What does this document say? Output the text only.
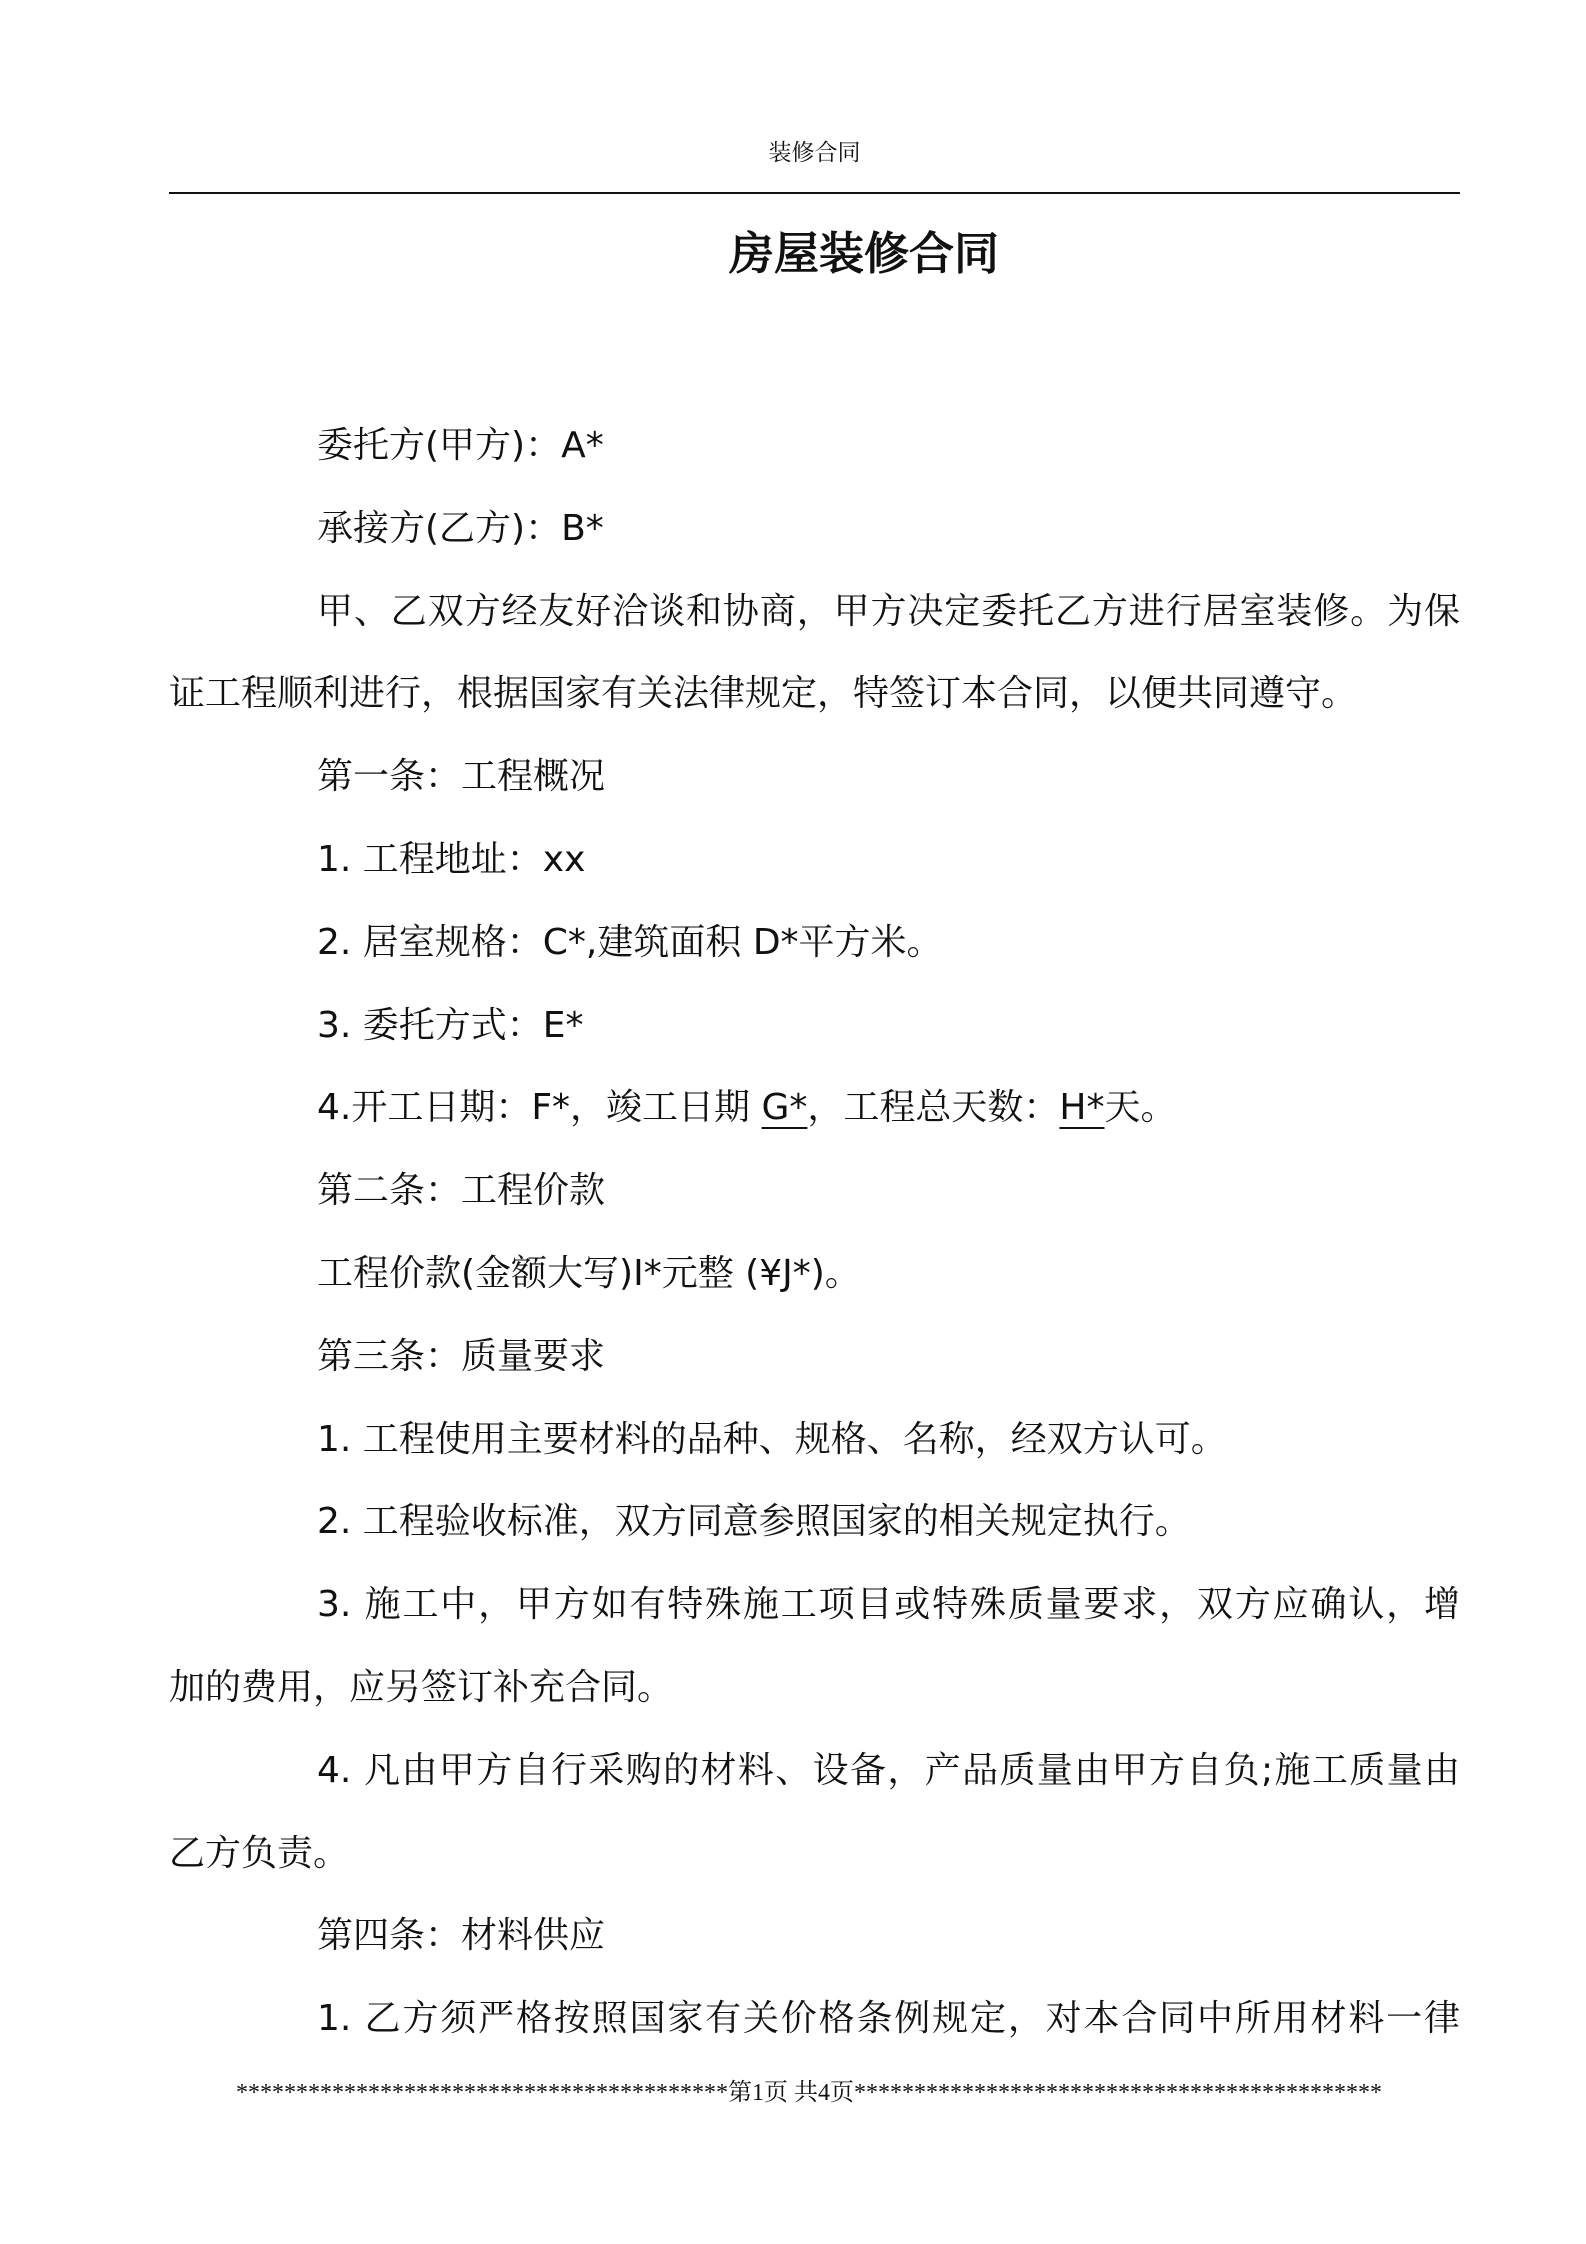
装修合同
房屋装修合同
委托方(甲方)：A*
承接方(乙方)：B*
甲、乙双方经友好洽谈和协商，甲方决定委托乙方进行居室装修。为保
证工程顺利进行，根据国家有关法律规定，特签订本合同，以便共同遵守。
第一条：工程概况
1. 工程地址：xx
2. 居室规格：C*,建筑面积 D*平方米。
3. 委托方式：E*
4.开工日期：F*，竣工日期 G*，工程总天数：H*天。
第二条：工程价款
工程价款(金额大写)I*元整 (¥J*)。
第三条：质量要求
1. 工程使用主要材料的品种、规格、名称，经双方认可。
2. 工程验收标准，双方同意参照国家的相关规定执行。
3. 施工中，甲方如有特殊施工项目或特殊质量要求，双方应确认，增
加的费用，应另签订补充合同。
4. 凡由甲方自行采购的材料、设备，产品质量由甲方自负;施工质量由
乙方负责。
第四条：材料供应
1. 乙方须严格按照国家有关价格条例规定，对本合同中所用材料一律
*****************************************第1页 共4页********************************************
